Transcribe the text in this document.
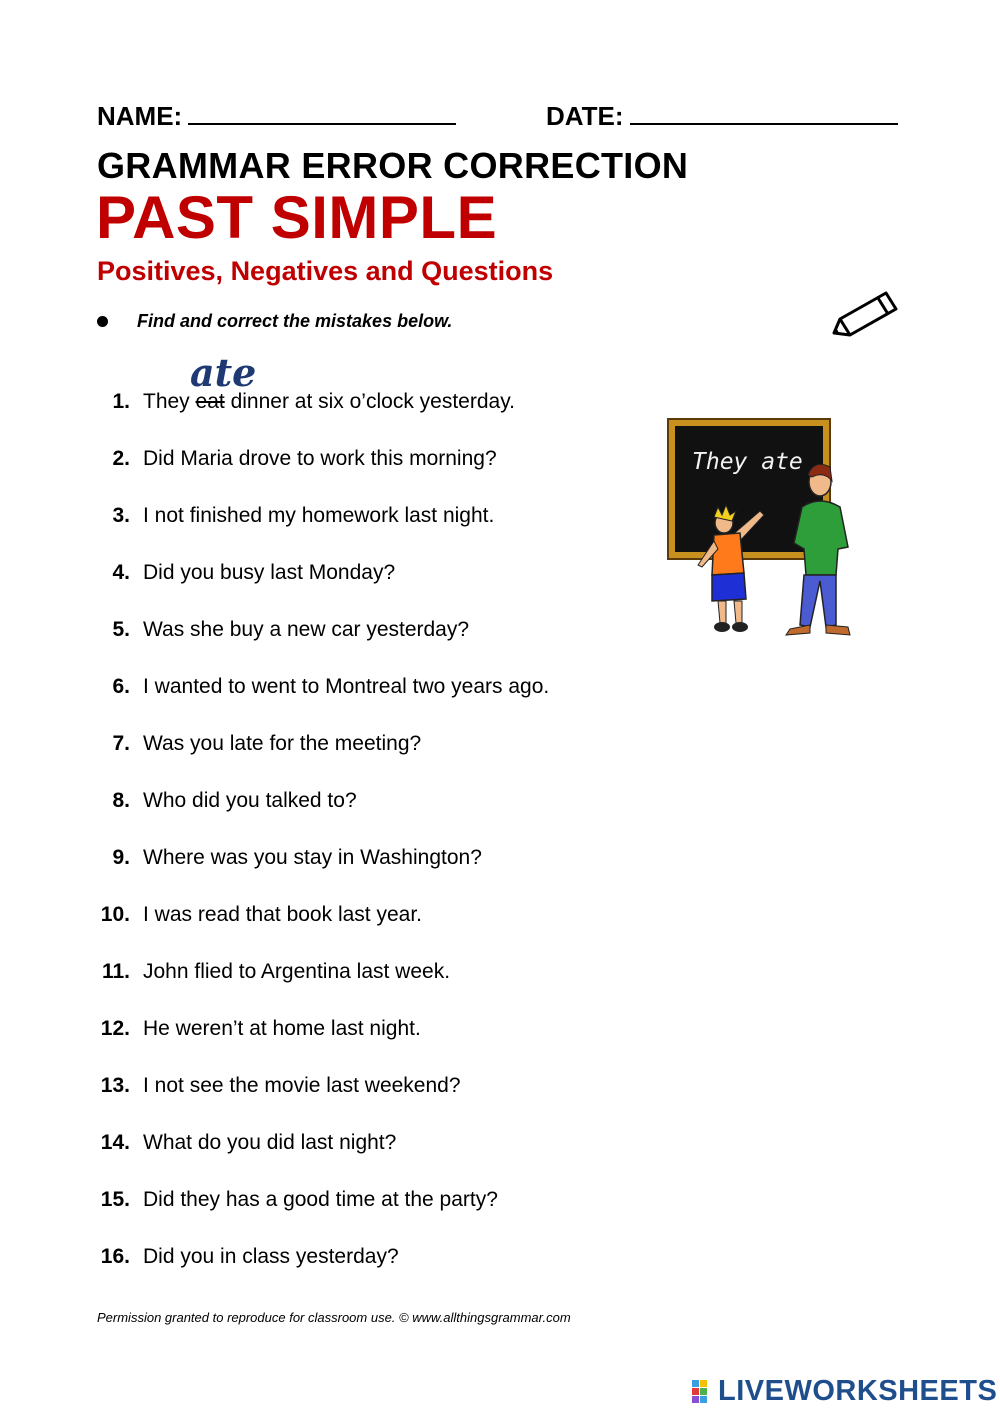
NAME:	DATE:
GRAMMAR ERROR CORRECTION
PAST SIMPLE
Positives, Negatives and Questions
Find and correct the mistakes below.
ate
1. They eat dinner at six o’clock yesterday.
2. Did Maria drove to work this morning?
3. I not finished my homework last night.
4. Did you busy last Monday?
5. Was she buy a new car yesterday?
6. I wanted to went to Montreal two years ago.
7. Was you late for the meeting?
8. Who did you talked to?
9. Where was you stay in Washington?
10. I was read that book last year.
11. John flied to Argentina last week.
12. He weren’t at home last night.
13. I not see the movie last weekend?
14. What do you did last night?
15. Did they has a good time at the party?
16. Did you in class yesterday?
They ate
Permission granted to reproduce for classroom use. © www.allthingsgrammar.com
LIVEWORKSHEETS
